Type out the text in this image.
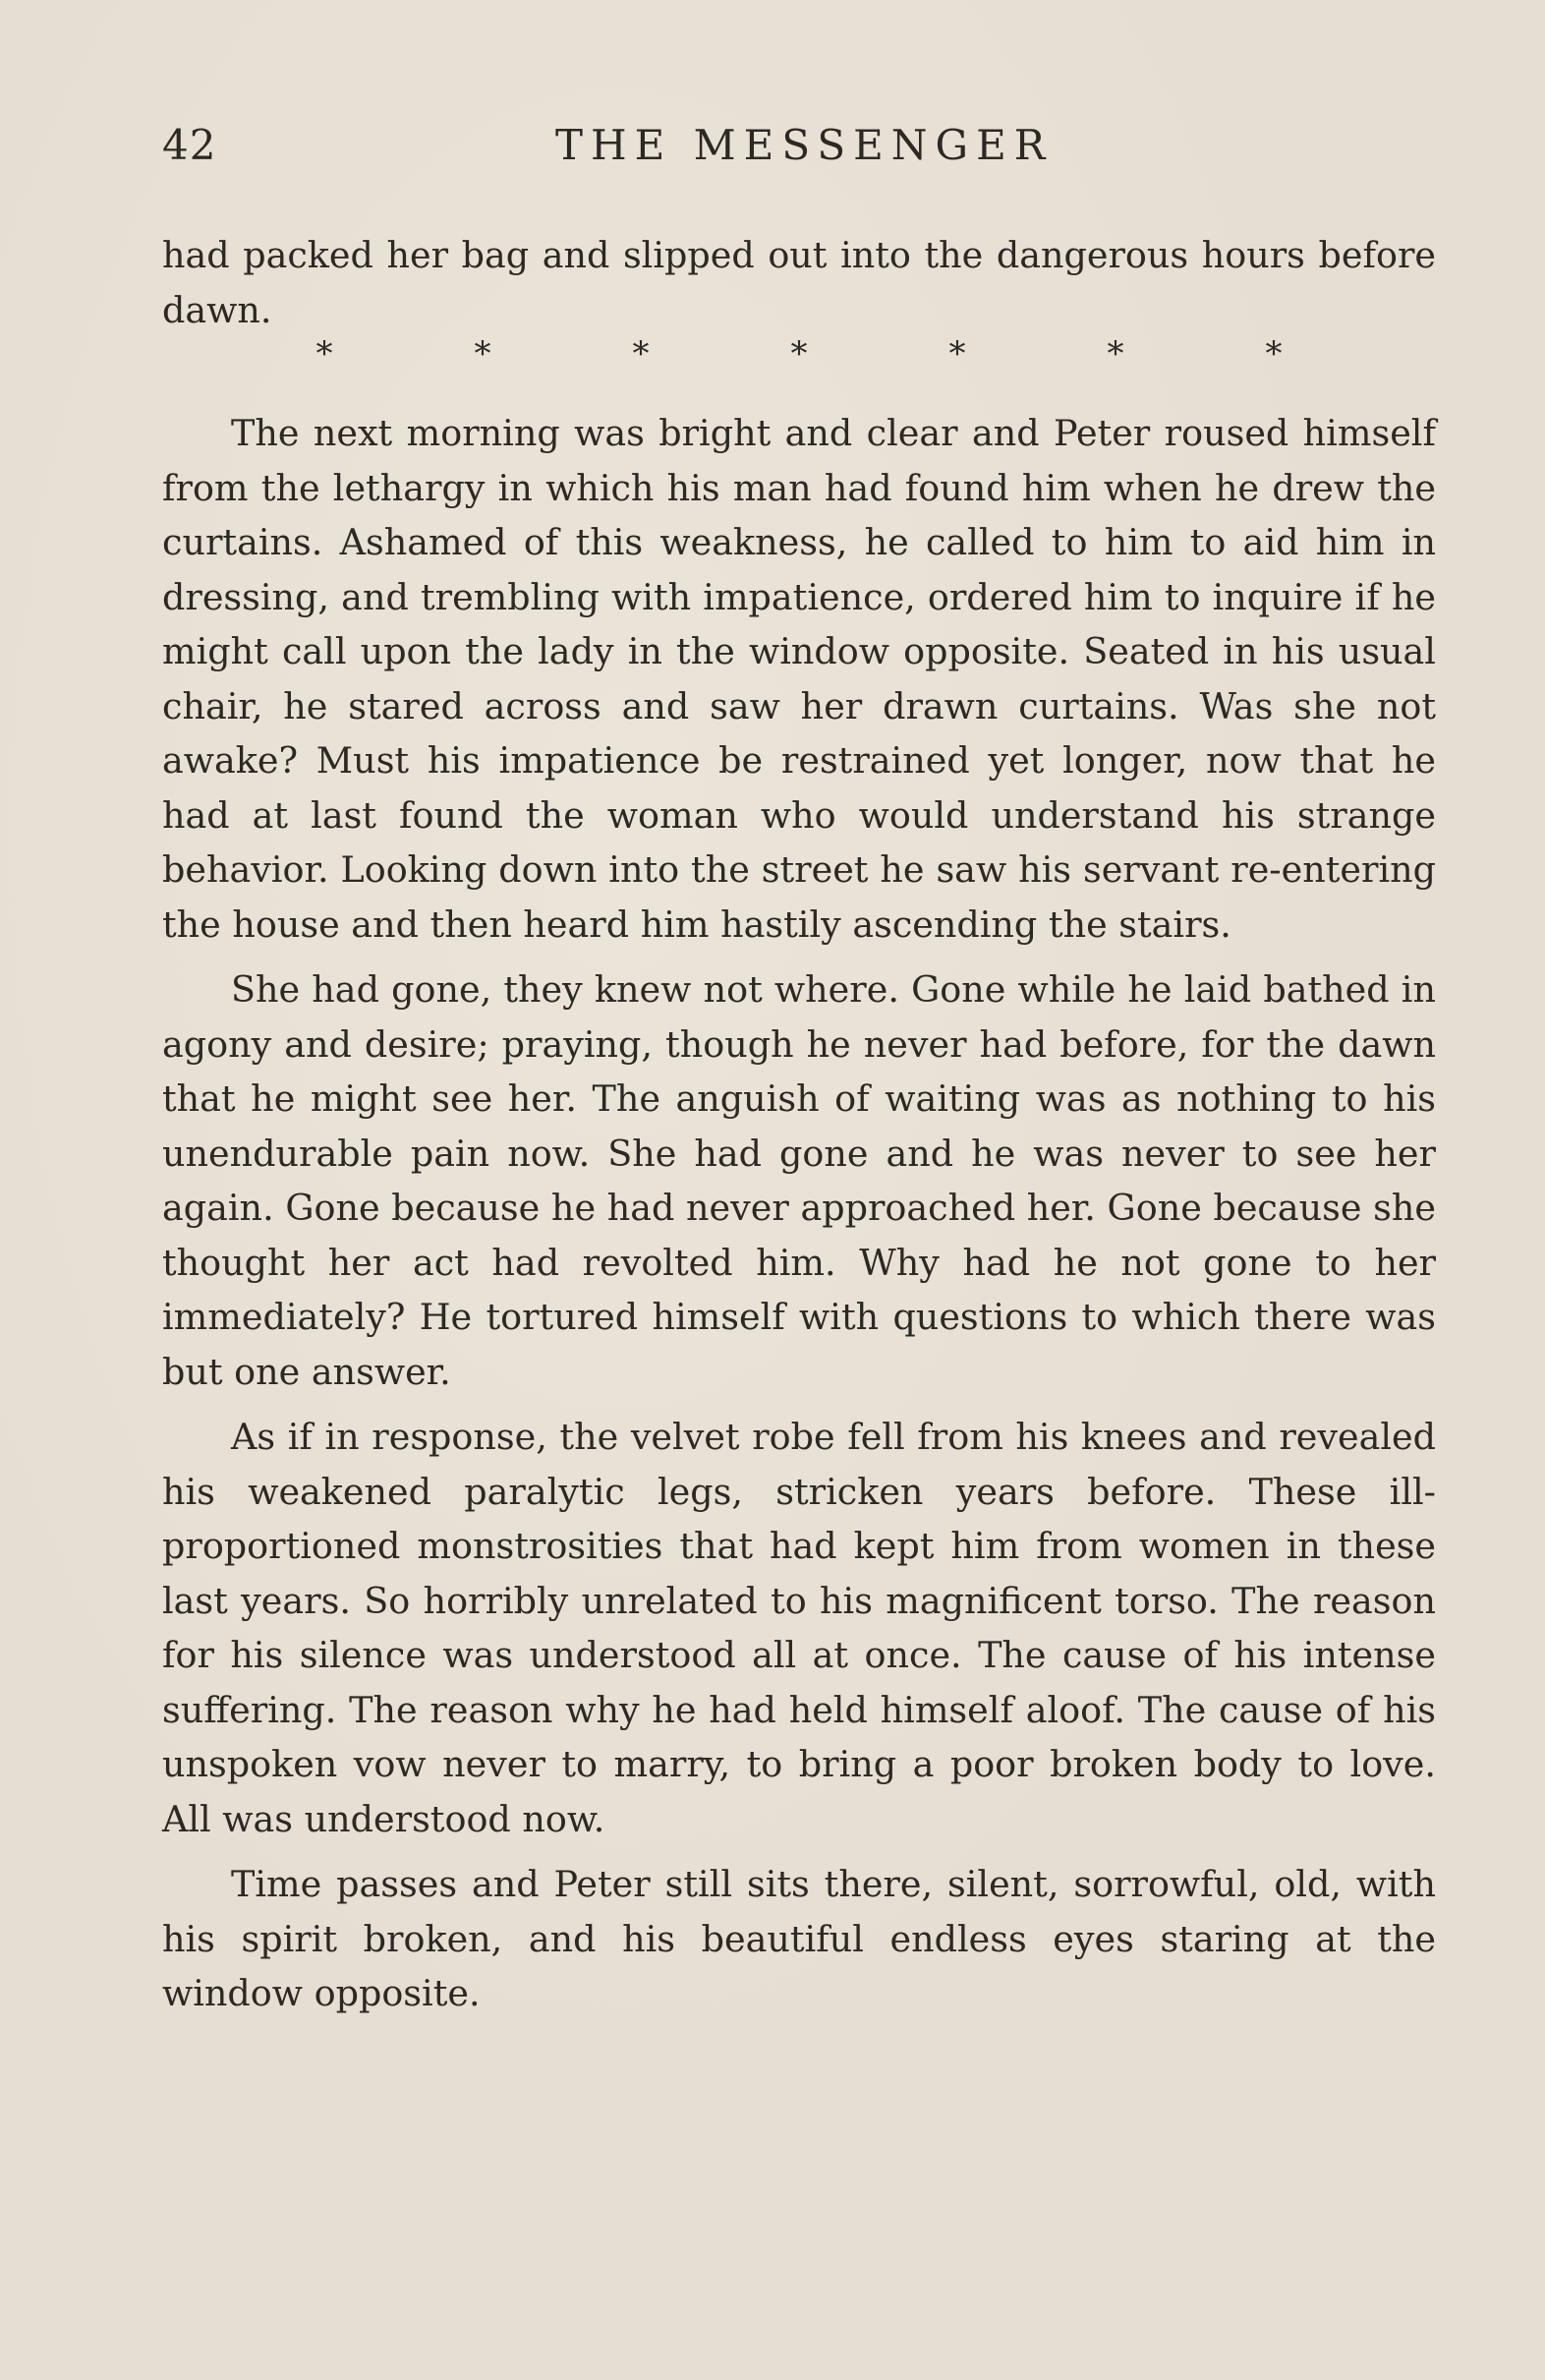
42	THE MESSENGER

had packed her bag and slipped out into the dangerous hours before dawn.

*	*	*	*	*	*	*

The next morning was bright and clear and Peter roused himself from the lethargy in which his man had found him when he drew the curtains. Ashamed of this weakness, he called to him to aid him in dressing, and trembling with impatience, ordered him to inquire if he might call upon the lady in the window opposite. Seated in his usual chair, he stared across and saw her drawn curtains. Was she not awake? Must his impatience be restrained yet longer, now that he had at last found the woman who would understand his strange behavior. Looking down into the street he saw his servant re-entering the house and then heard him hastily ascending the stairs.

She had gone, they knew not where. Gone while he laid bathed in agony and desire; praying, though he never had before, for the dawn that he might see her. The anguish of waiting was as nothing to his unendurable pain now. She had gone and he was never to see her again. Gone because he had never approached her. Gone because she thought her act had revolted him. Why had he not gone to her immediately? He tortured himself with questions to which there was but one answer.

As if in response, the velvet robe fell from his knees and revealed his weakened paralytic legs, stricken years before. These ill-proportioned monstrosities that had kept him from women in these last years. So horribly unrelated to his magnificent torso. The reason for his silence was understood all at once. The cause of his intense suffering. The reason why he had held himself aloof. The cause of his unspoken vow never to marry, to bring a poor broken body to love. All was understood now.

Time passes and Peter still sits there, silent, sorrowful, old, with his spirit broken, and his beautiful endless eyes staring at the window opposite.
